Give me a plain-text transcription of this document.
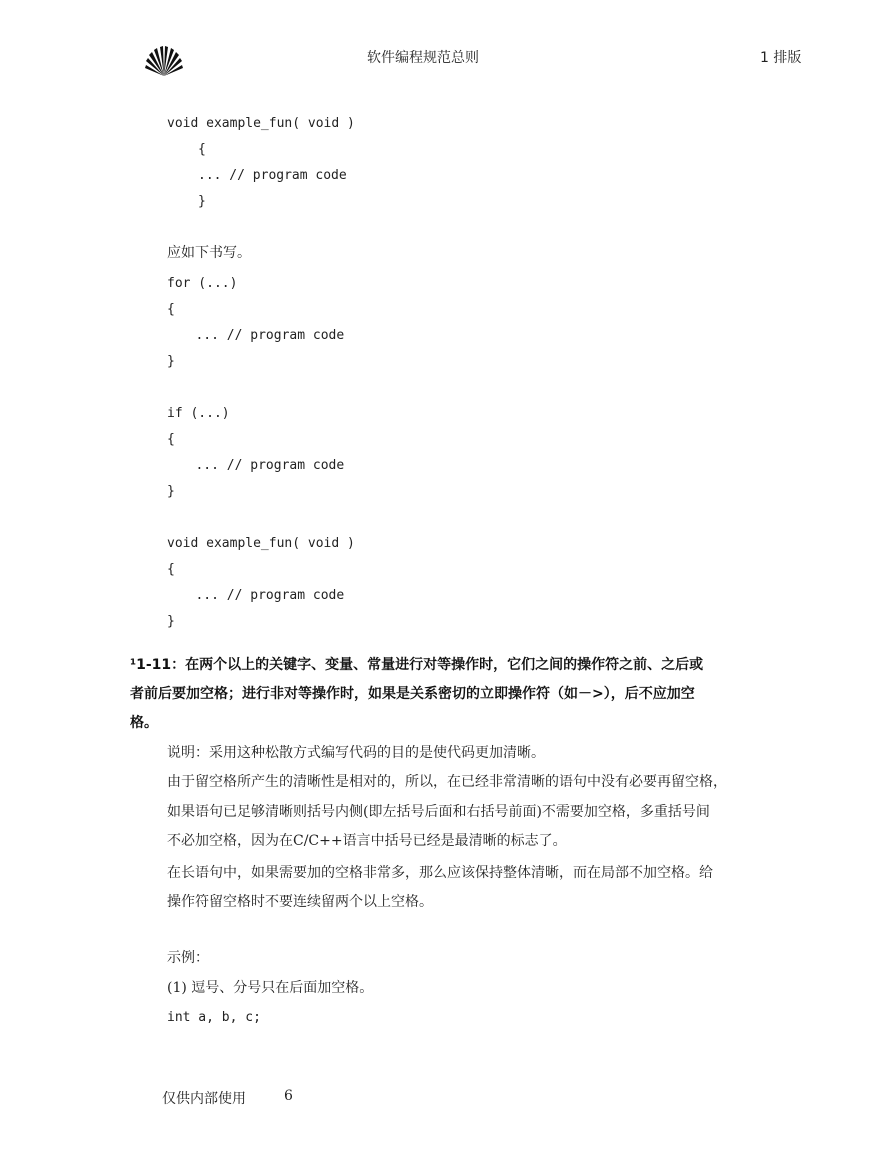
软件编程规范总则	1 排版
void example_fun( void )
{
... // program code
}
应如下书写。
for (...)
{
... // program code
}
if (...)
{
... // program code
}
void example_fun( void )
{
... // program code
}
¹1-11：在两个以上的关键字、变量、常量进行对等操作时，它们之间的操作符之前、之后或
者前后要加空格；进行非对等操作时，如果是关系密切的立即操作符（如－>），后不应加空
格。
说明：采用这种松散方式编写代码的目的是使代码更加清晰。
由于留空格所产生的清晰性是相对的，所以，在已经非常清晰的语句中没有必要再留空格，
如果语句已足够清晰则括号内侧(即左括号后面和右括号前面)不需要加空格，多重括号间
不必加空格，因为在C/C++语言中括号已经是最清晰的标志了。
在长语句中，如果需要加的空格非常多，那么应该保持整体清晰，而在局部不加空格。给
操作符留空格时不要连续留两个以上空格。
示例：
(1) 逗号、分号只在后面加空格。
int a, b, c;
仅供内部使用	6
